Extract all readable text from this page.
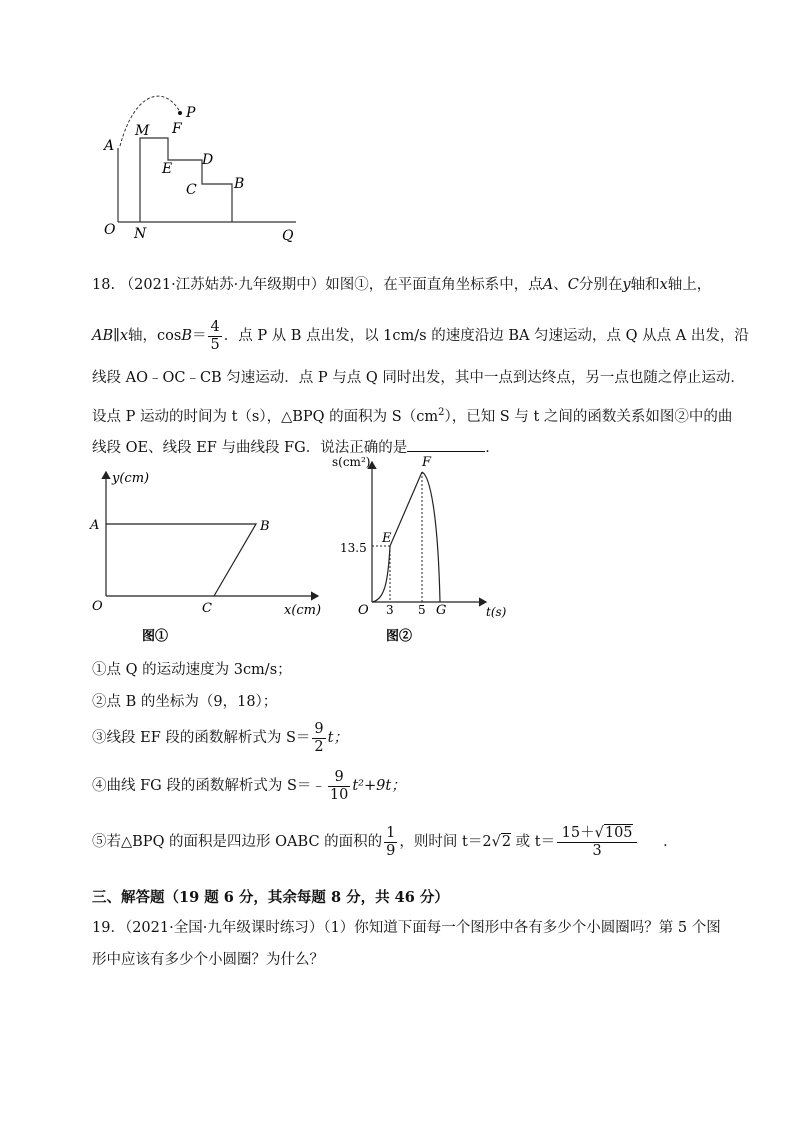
A
M F
P
E
D
C	B
O N	Q
18. （2021·江苏姑苏·九年级期中）如图①，在平面直角坐标系中，点A、C分别在y轴和x轴上，
AB∥x轴，$\cos B= \frac{4}{5}$ ．点 P 从 B 点出发，以 1cm/s 的速度沿边 BA 匀速运动，点 Q 从点 A 出发，沿
线段 AO﹣OC﹣CB 匀速运动．点 P 与点 Q 同时出发，其中一点到达终点，另一点也随之停止运动．
设点 P 运动的时间为 t（s），△BPQ 的面积为 $S(cm^2)$，已知 S 与 t 之间的函数关系如图②中的曲
线段 OE、线段 EF 与曲线段 FG．说法正确的是	．
y(cm)
A	B
O	C	x(cm)
图①
s(cm²)	F
E
13.5
O 3 5 G	t(s)
图②
①点 Q 的运动速度为 3cm/s；
②点 B 的坐标为（9，18）；
③线段 EF 段的函数解析式为 $S= \frac{9}{2}$ t；
④曲线 FG 段的函数解析式为 S＝﹣ $\frac{9}{10} t^2+9t$；
⑤若△BPQ 的面积是四边形 OABC 的面积的 $\frac{1}{9}$ ，则时间 t＝2√2 或 $t= \frac{15+√105}{3}$ ．
三、解答题（19 题 6 分，其余每题 8 分，共 46 分）
19．（2021·全国·九年级课时练习）（1）你知道下面每一个图形中各有多少个小圆圈吗？第 5 个图
形中应该有多少个小圆圈？为什么？
